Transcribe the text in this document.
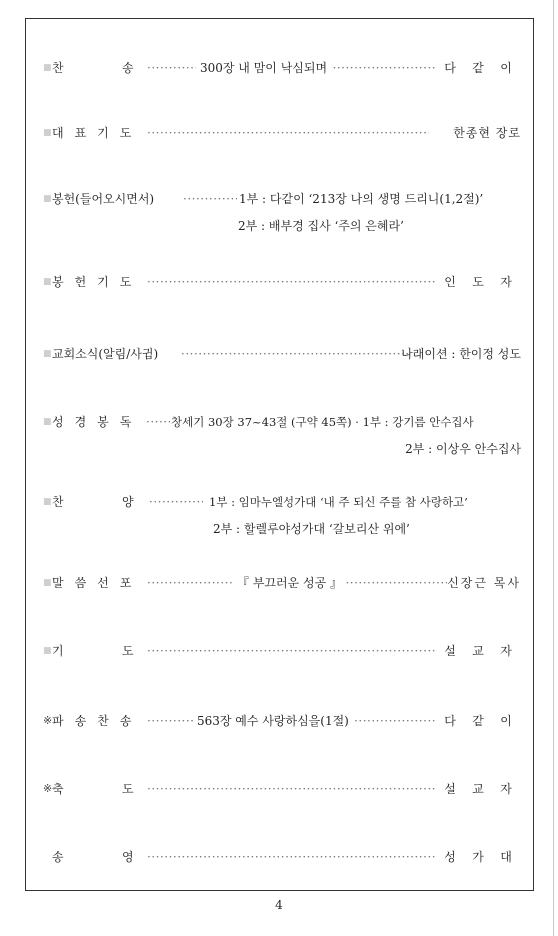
■ 찬	송 ·····	300장 내 맘이 낙심되며	다	같	이
■ 대표기도 ·····	한종현 장로
■ 봉헌(들어오시면서) ·····	1부 : 다같이 ‘213장 나의 생명 드리니(1,2절)’
2부 : 배부경 집사 ‘주의 은혜라’
■ 봉헌기도 ·····	인	도	자
■ 교회소식(알림/사귐) ·····	나래이션 : 한이정 성도
■ 성경봉독 ····· 창세기 30장 37~43절 (구약 45쪽) · 1부 : 강기름 안수집사
2부 : 이상우 안수집사
■ 찬	양 ·····	1부 : 임마누엘성가대 ‘내 주 되신 주를 참 사랑하고’
2부 : 할렐루야성가대 ‘갈보리산 위에’
■ 말씀선포 ·····	『 부끄러운 성공 』	신장근 목사
■ 기	도 ·····	설	교	자
※ 파송찬송 ·····	563장 예수 사랑하심을(1절)	다	같	이
※ 축	도 ·····	설	교	자
송	영 ·····	성	가	대
4
